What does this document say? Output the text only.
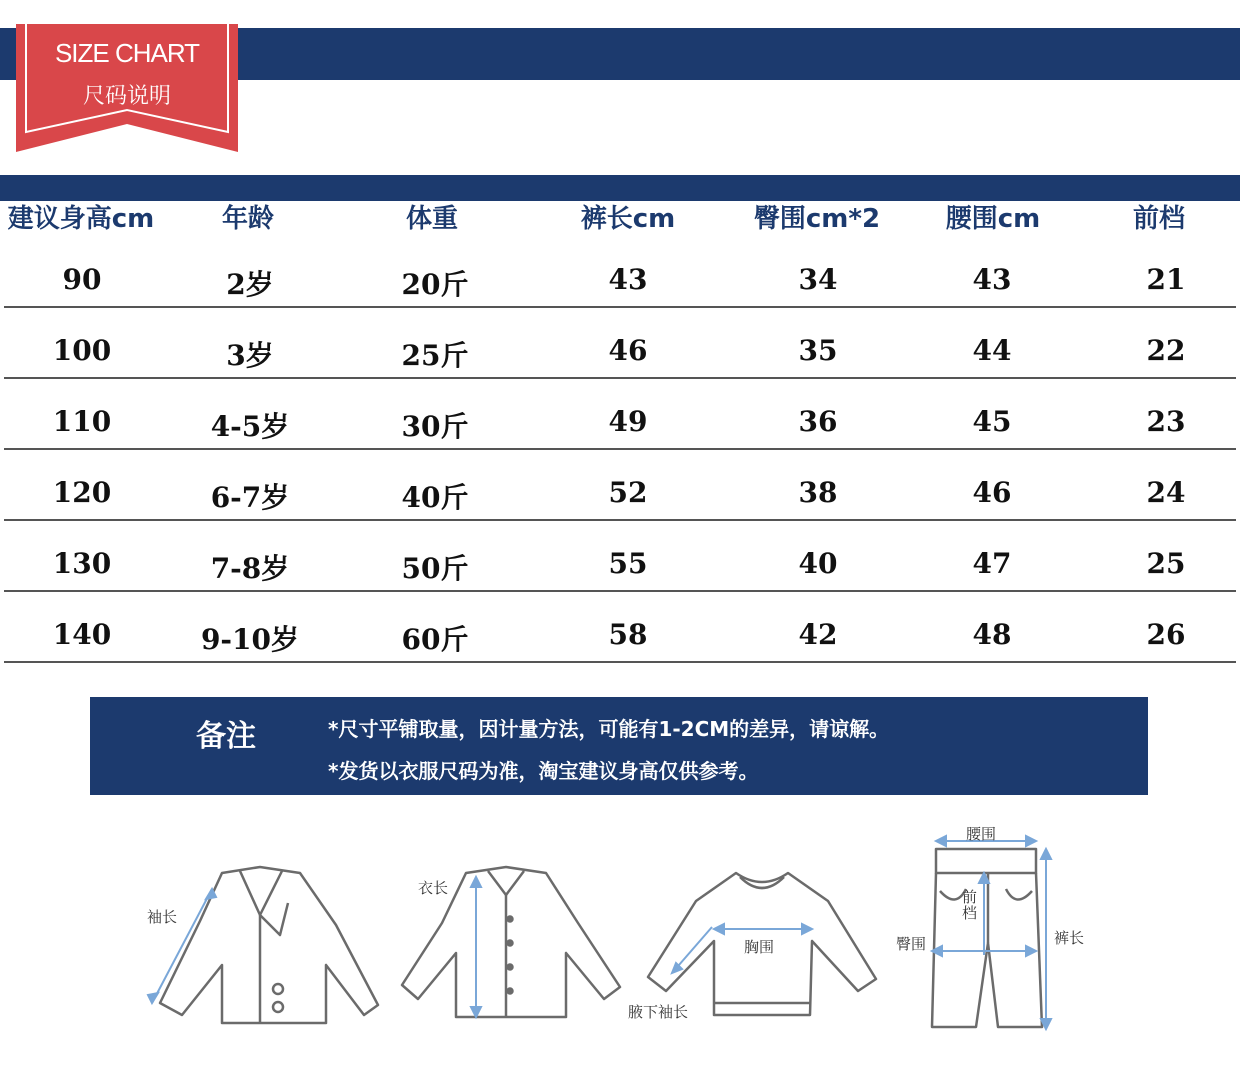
SIZE CHART
尺码说明
建议身高cm	年龄	体重	裤长cm	臀围cm*2	腰围cm	前档
90	2岁	20斤	43	34	43	21
100	3岁	25斤	46	35	44	22
110	4-5岁	30斤	49	36	45	23
120	6-7岁	40斤	52	38	46	24
130	7-8岁	50斤	55	40	47	25
140	9-10岁	60斤	58	42	48	26
备注	*尺寸平铺取量，因计量方法，可能有1-2CM的差异，请谅解。
*发货以衣服尺码为准，淘宝建议身高仅供参考。
袖长
衣长
胸围
腋下袖长
腰围
臀围
前档
裤长
